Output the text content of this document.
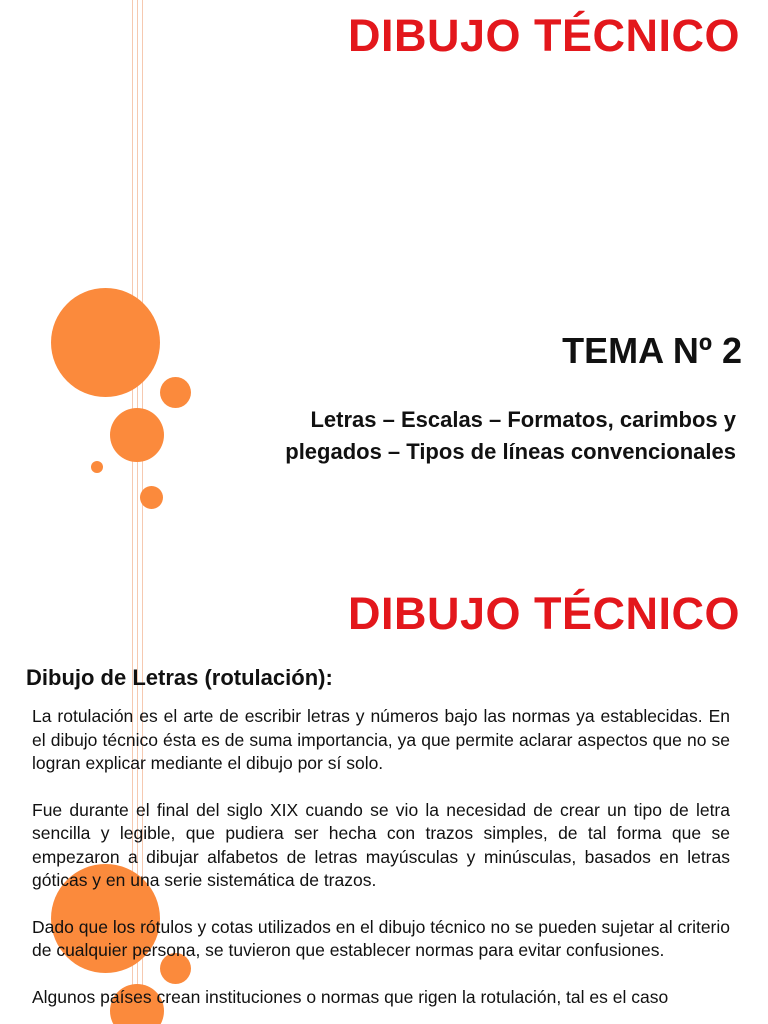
DIBUJO TÉCNICO
TEMA Nº 2

Letras – Escalas – Formatos, carimbos y plegados – Tipos de líneas convencionales

DIBUJO TÉCNICO
Dibujo de Letras (rotulación):

La rotulación es el arte de escribir letras y números bajo las normas ya establecidas. En el dibujo técnico ésta es de suma importancia, ya que permite aclarar aspectos que no se logran explicar mediante el dibujo por sí solo.

Fue durante el final del siglo XIX cuando se vio la necesidad de crear un tipo de letra sencilla y legible, que pudiera ser hecha con trazos simples, de tal forma que se empezaron a dibujar alfabetos de letras mayúsculas y minúsculas, basados en letras góticas y en una serie sistemática de trazos.

Dado que los rótulos y cotas utilizados en el dibujo técnico no se pueden sujetar al criterio de cualquier persona, se tuvieron que establecer normas para evitar confusiones.

Algunos países crean instituciones o normas que rigen la rotulación, tal es el caso
